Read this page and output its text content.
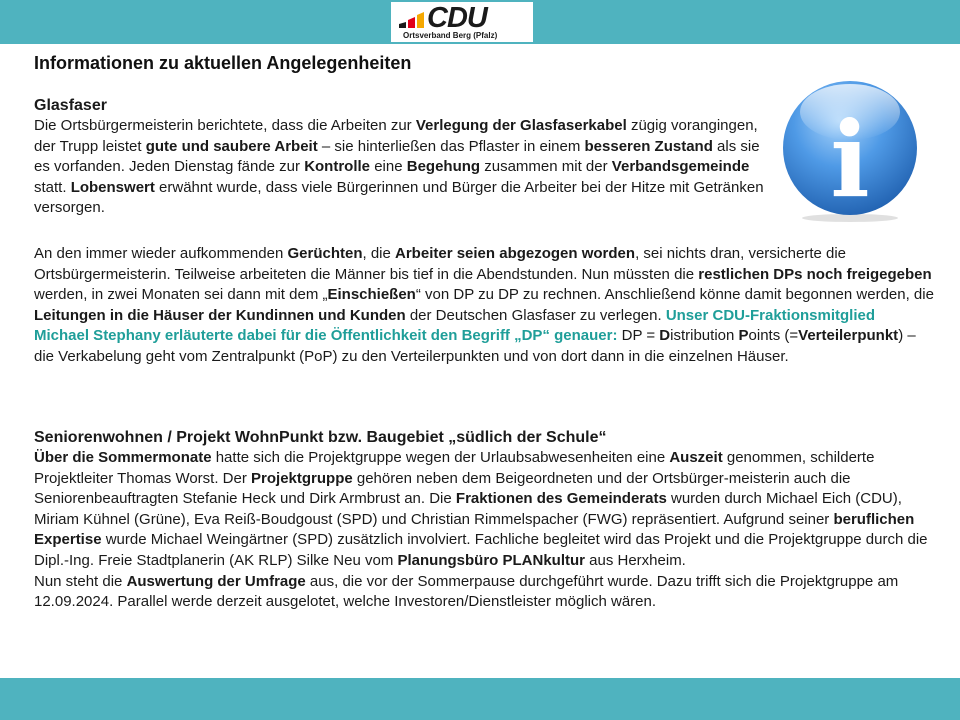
CDU
Ortsverband Berg (Pfalz)
Informationen zu aktuellen Angelegenheiten
i
Glasfaser
Die Ortsbürgermeisterin berichtete, dass die Arbeiten zur Verlegung der Glasfaserkabel zügig vorangingen, der Trupp leistet gute und saubere Arbeit – sie hinterließen das Pflaster in einem besseren Zustand als sie es vorfanden. Jeden Dienstag fände zur Kontrolle eine Begehung zusammen mit der Verbandsgemeinde statt. Lobenswert erwähnt wurde, dass viele Bürgerinnen und Bürger die Arbeiter bei der Hitze mit Getränken versorgen.
An den immer wieder aufkommenden Gerüchten, die Arbeiter seien abgezogen worden, sei nichts dran, versicherte die Ortsbürgermeisterin. Teilweise arbeiteten die Männer bis tief in die Abendstunden. Nun müssten die restlichen DPs noch freigegeben werden, in zwei Monaten sei dann mit dem „Einschießen“ von DP zu DP zu rechnen. Anschließend könne damit begonnen werden, die Leitungen in die Häuser der Kundinnen und Kunden der Deutschen Glasfaser zu verlegen. Unser CDU-Fraktionsmitglied Michael Stephany erläuterte dabei für die Öffentlichkeit den Begriff „DP“ genauer: DP = Distribution Points (=Verteilerpunkt) – die Verkabelung geht vom Zentralpunkt (PoP) zu den Verteilerpunkten und von dort dann in die einzelnen Häuser.
Seniorenwohnen / Projekt WohnPunkt bzw. Baugebiet „südlich der Schule“
Über die Sommermonate hatte sich die Projektgruppe wegen der Urlaubsabwesenheiten eine Auszeit genommen, schilderte Projektleiter Thomas Worst. Der Projektgruppe gehören neben dem Beigeordneten und der Ortsbürger-meisterin auch die Seniorenbeauftragten Stefanie Heck und Dirk Armbrust an. Die Fraktionen des Gemeinderats wurden durch Michael Eich (CDU), Miriam Kühnel (Grüne), Eva Reiß-Boudgoust (SPD) und Christian Rimmelspacher (FWG) repräsentiert. Aufgrund seiner beruflichen Expertise wurde Michael Weingärtner (SPD) zusätzlich involviert. Fachliche begleitet wird das Projekt und die Projektgruppe durch die Dipl.-Ing. Freie Stadtplanerin (AK RLP) Silke Neu vom Planungsbüro PLANkultur aus Herxheim.
Nun steht die Auswertung der Umfrage aus, die vor der Sommerpause durchgeführt wurde. Dazu trifft sich die Projektgruppe am 12.09.2024. Parallel werde derzeit ausgelotet, welche Investoren/Dienstleister möglich wären.
